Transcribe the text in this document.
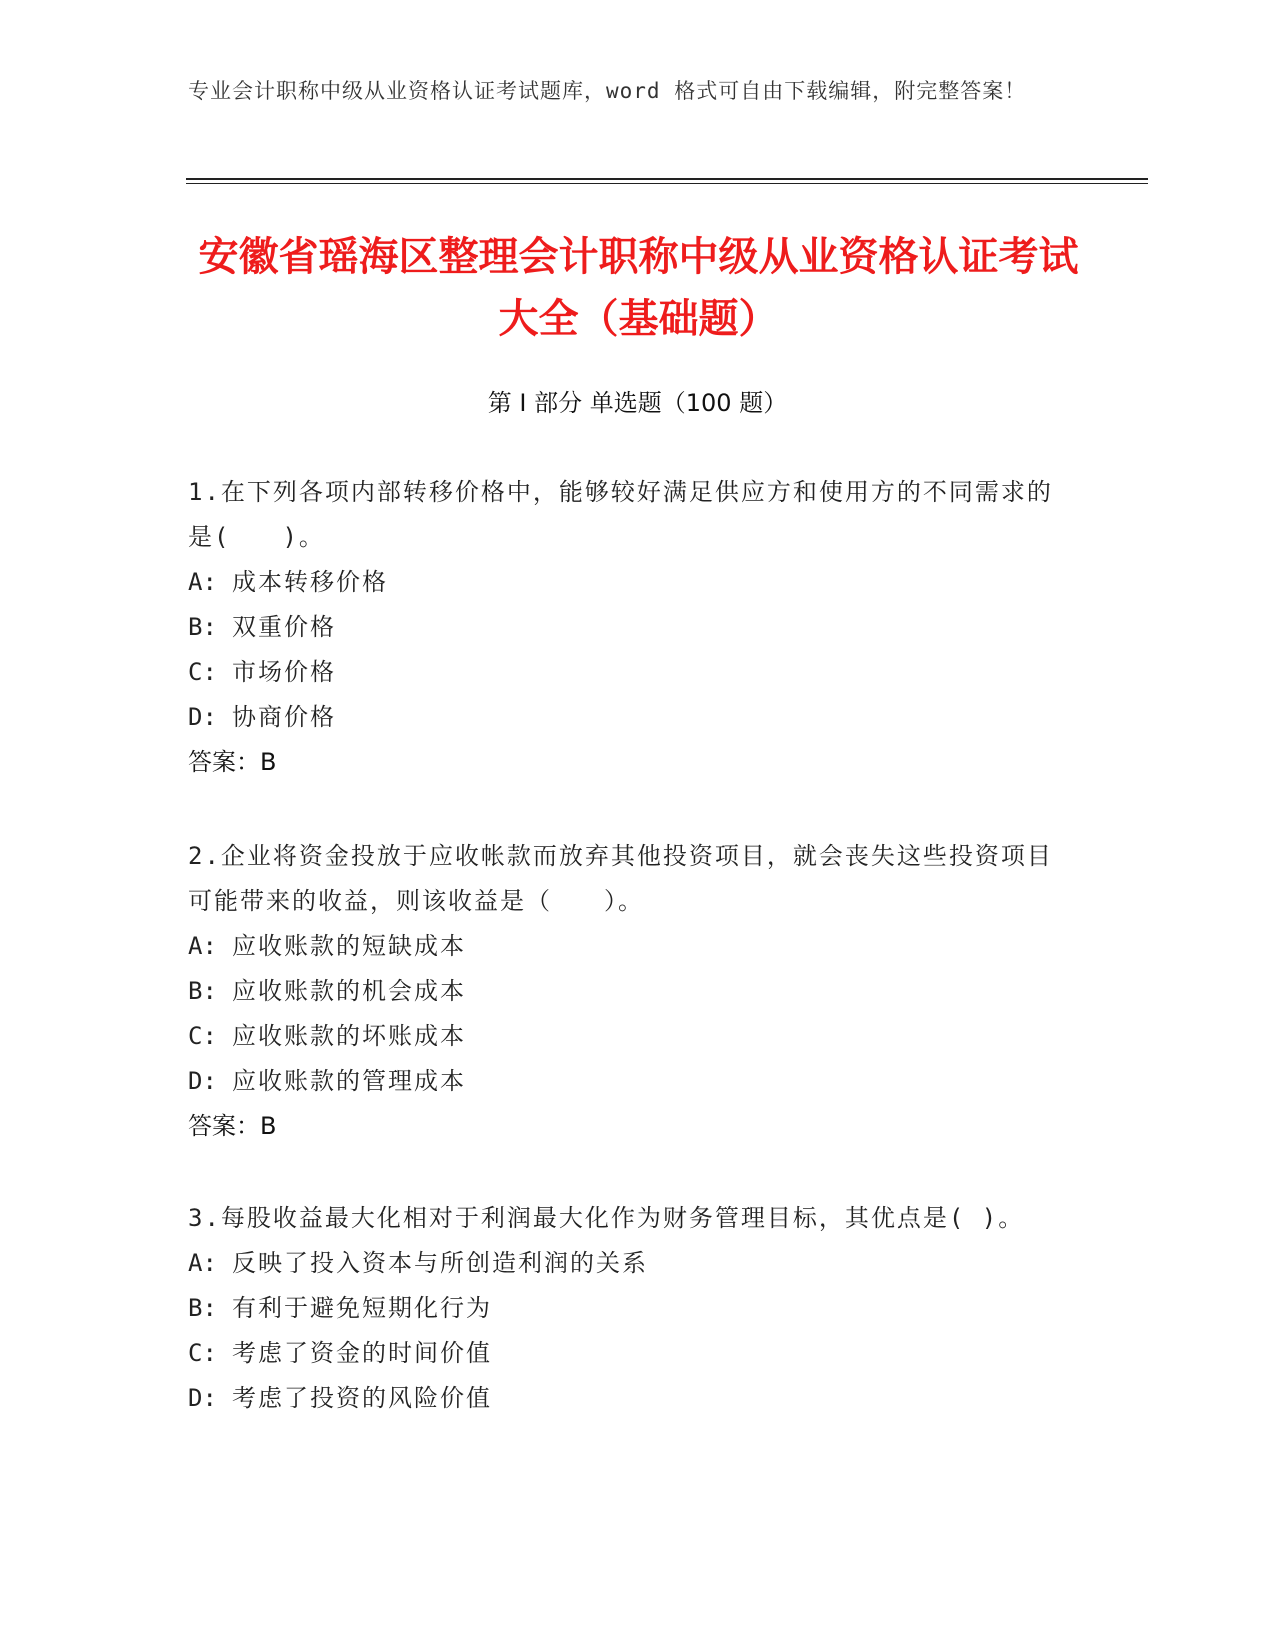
专业会计职称中级从业资格认证考试题库，word 格式可自由下载编辑，附完整答案！
安徽省瑶海区整理会计职称中级从业资格认证考试大全（基础题）
第 I 部分 单选题（100 题）
1.在下列各项内部转移价格中，能够较好满足供应方和使用方的不同需求的是(　　)。
A: 成本转移价格
B: 双重价格
C: 市场价格
D: 协商价格
答案：B
2.企业将资金投放于应收帐款而放弃其他投资项目，就会丧失这些投资项目可能带来的收益，则该收益是（　　）。
A: 应收账款的短缺成本
B: 应收账款的机会成本
C: 应收账款的坏账成本
D: 应收账款的管理成本
答案：B
3.每股收益最大化相对于利润最大化作为财务管理目标，其优点是( )。
A: 反映了投入资本与所创造利润的关系
B: 有利于避免短期化行为
C: 考虑了资金的时间价值
D: 考虑了投资的风险价值
